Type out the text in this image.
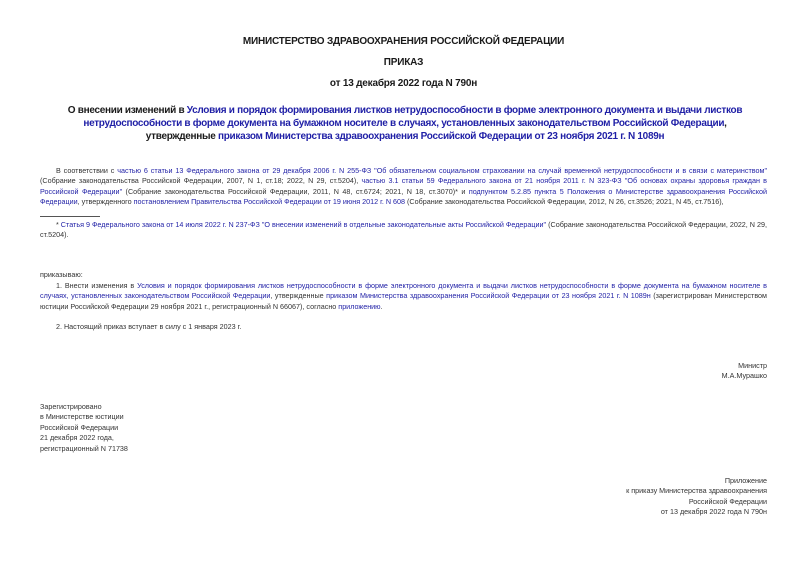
МИНИСТЕРСТВО ЗДРАВООХРАНЕНИЯ РОССИЙСКОЙ ФЕДЕРАЦИИ
ПРИКАЗ
от 13 декабря 2022 года N 790н
О внесении изменений в Условия и порядок формирования листков нетрудоспособности в форме электронного документа и выдачи листков нетрудоспособности в форме документа на бумажном носителе в случаях, установленных законодательством Российской Федерации, утвержденные приказом Министерства здравоохранения Российской Федерации от 23 ноября 2021 г. N 1089н
В соответствии с частью 6 статьи 13 Федерального закона от 29 декабря 2006 г. N 255-ФЗ "Об обязательном социальном страховании на случай временной нетрудоспособности и в связи с материнством" (Собрание законодательства Российской Федерации, 2007, N 1, ст.18; 2022, N 29, ст.5204), частью 3.1 статьи 59 Федерального закона от 21 ноября 2011 г. N 323-ФЗ "Об основах охраны здоровья граждан в Российской Федерации" (Собрание законодательства Российской Федерации, 2011, N 48, ст.6724; 2021, N 18, ст.3070)* и подпунктом 5.2.85 пункта 5 Положения о Министерстве здравоохранения Российской Федерации, утвержденного постановлением Правительства Российской Федерации от 19 июня 2012 г. N 608 (Собрание законодательства Российской Федерации, 2012, N 26, ст.3526; 2021, N 45, ст.7516),
* Статья 9 Федерального закона от 14 июля 2022 г. N 237-ФЗ "О внесении изменений в отдельные законодательные акты Российской Федерации" (Собрание законодательства Российской Федерации, 2022, N 29, ст.5204).
приказываю:
1. Внести изменения в Условия и порядок формирования листков нетрудоспособности в форме электронного документа и выдачи листков нетрудоспособности в форме документа на бумажном носителе в случаях, установленных законодательством Российской Федерации, утвержденные приказом Министерства здравоохранения Российской Федерации от 23 ноября 2021 г. N 1089н (зарегистрирован Министерством юстиции Российской Федерации 29 ноября 2021 г., регистрационный N 66067), согласно приложению.
2. Настоящий приказ вступает в силу с 1 января 2023 г.
Министр
М.А.Мурашко
Зарегистрировано
в Министерстве юстиции
Российской Федерации
21 декабря 2022 года,
регистрационный N 71738
Приложение
к приказу Министерства здравоохранения
Российской Федерации
от 13 декабря 2022 года N 790н
